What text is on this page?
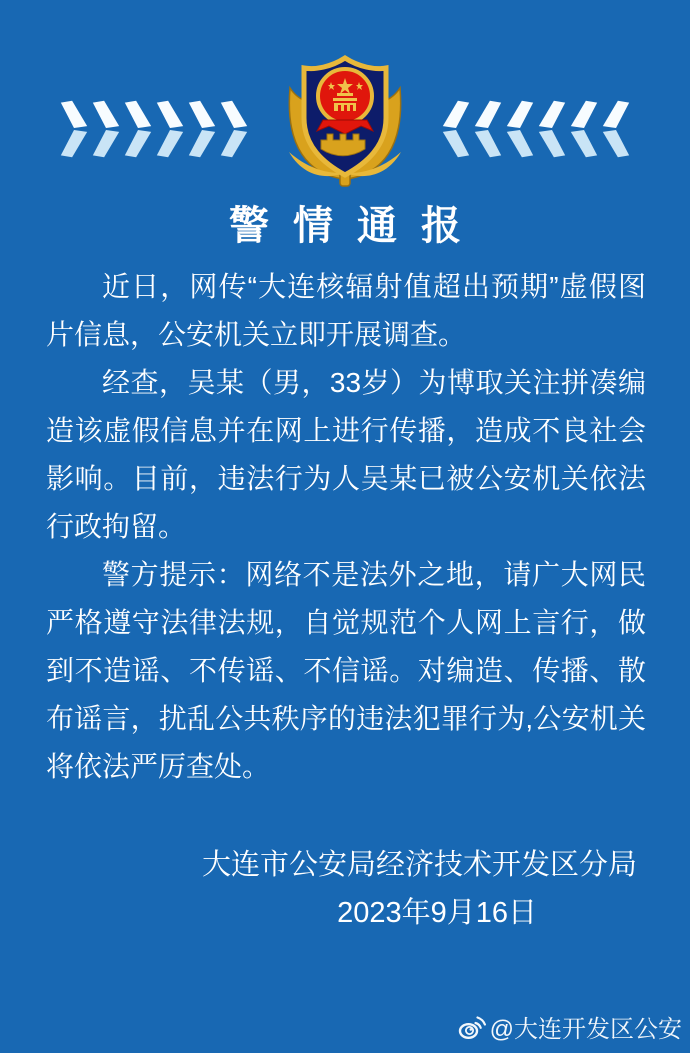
警情通报

近日，网传“大连核辐射值超出预期”虚假图片信息，公安机关立即开展调查。

经查，吴某（男，33岁）为博取关注拼凑编造该虚假信息并在网上进行传播，造成不良社会影响。目前，违法行为人吴某已被公安机关依法行政拘留。

警方提示：网络不是法外之地，请广大网民严格遵守法律法规，自觉规范个人网上言行，做到不造谣、不传谣、不信谣。对编造、传播、散布谣言，扰乱公共秩序的违法犯罪行为,公安机关将依法严厉查处。

大连市公安局经济技术开发区分局
2023年9月16日
@大连开发区公安
